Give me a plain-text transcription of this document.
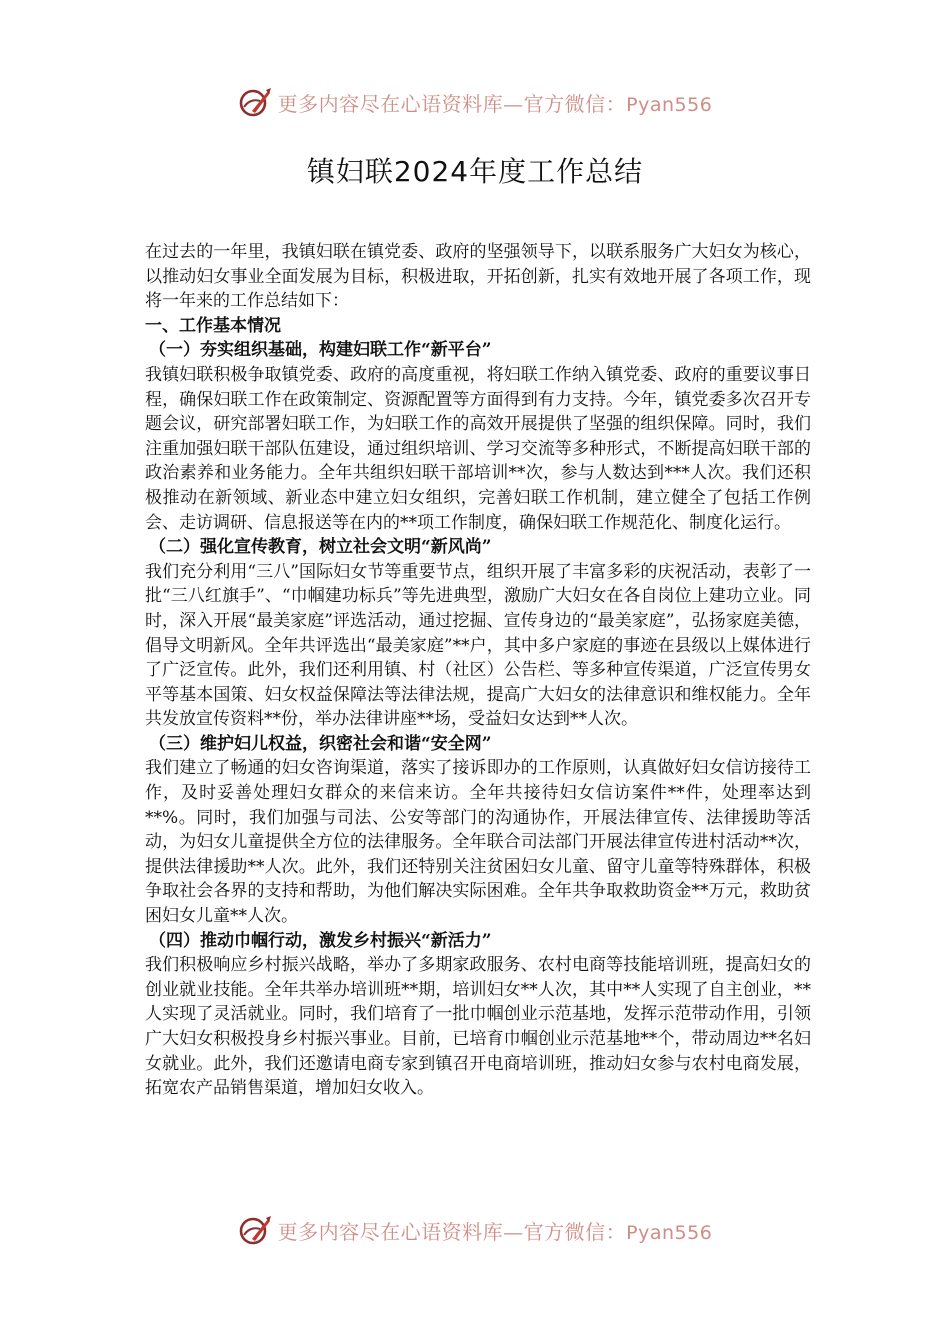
更多内容尽在心语资料库—官方微信：Pyan556
镇妇联2024年度工作总结

在过去的一年里，我镇妇联在镇党委、政府的坚强领导下，以联系服务广大妇女为核心，以推动妇女事业全面发展为目标，积极进取，开拓创新，扎实有效地开展了各项工作，现将一年来的工作总结如下：

一、工作基本情况

（一）夯实组织基础，构建妇联工作“新平台”

我镇妇联积极争取镇党委、政府的高度重视，将妇联工作纳入镇党委、政府的重要议事日程，确保妇联工作在政策制定、资源配置等方面得到有力支持。今年，镇党委多次召开专题会议，研究部署妇联工作，为妇联工作的高效开展提供了坚强的组织保障。同时，我们注重加强妇联干部队伍建设，通过组织培训、学习交流等多种形式，不断提高妇联干部的政治素养和业务能力。全年共组织妇联干部培训**次，参与人数达到***人次。我们还积极推动在新领域、新业态中建立妇女组织，完善妇联工作机制，建立健全了包括工作例会、走访调研、信息报送等在内的**项工作制度，确保妇联工作规范化、制度化运行。

（二）强化宣传教育，树立社会文明“新风尚”

我们充分利用“三八”国际妇女节等重要节点，组织开展了丰富多彩的庆祝活动，表彰了一批“三八红旗手”、“巾帼建功标兵”等先进典型，激励广大妇女在各自岗位上建功立业。同时，深入开展“最美家庭”评选活动，通过挖掘、宣传身边的“最美家庭”，弘扬家庭美德，倡导文明新风。全年共评选出“最美家庭”**户，其中多户家庭的事迹在县级以上媒体进行了广泛宣传。此外，我们还利用镇、村（社区）公告栏、等多种宣传渠道，广泛宣传男女平等基本国策、妇女权益保障法等法律法规，提高广大妇女的法律意识和维权能力。全年共发放宣传资料**份，举办法律讲座**场，受益妇女达到**人次。

（三）维护妇儿权益，织密社会和谐“安全网”

我们建立了畅通的妇女咨询渠道，落实了接诉即办的工作原则，认真做好妇女信访接待工作，及时妥善处理妇女群众的来信来访。全年共接待妇女信访案件**件，处理率达到**%。同时，我们加强与司法、公安等部门的沟通协作，开展法律宣传、法律援助等活动，为妇女儿童提供全方位的法律服务。全年联合司法部门开展法律宣传进村活动**次，提供法律援助**人次。此外，我们还特别关注贫困妇女儿童、留守儿童等特殊群体，积极争取社会各界的支持和帮助，为他们解决实际困难。全年共争取救助资金**万元，救助贫困妇女儿童**人次。

（四）推动巾帼行动，激发乡村振兴“新活力”

我们积极响应乡村振兴战略，举办了多期家政服务、农村电商等技能培训班，提高妇女的创业就业技能。全年共举办培训班**期，培训妇女**人次，其中**人实现了自主创业，**人实现了灵活就业。同时，我们培育了一批巾帼创业示范基地，发挥示范带动作用，引领广大妇女积极投身乡村振兴事业。目前，已培育巾帼创业示范基地**个，带动周边**名妇女就业。此外，我们还邀请电商专家到镇召开电商培训班，推动妇女参与农村电商发展，拓宽农产品销售渠道，增加妇女收入。

更多内容尽在心语资料库—官方微信：Pyan556
